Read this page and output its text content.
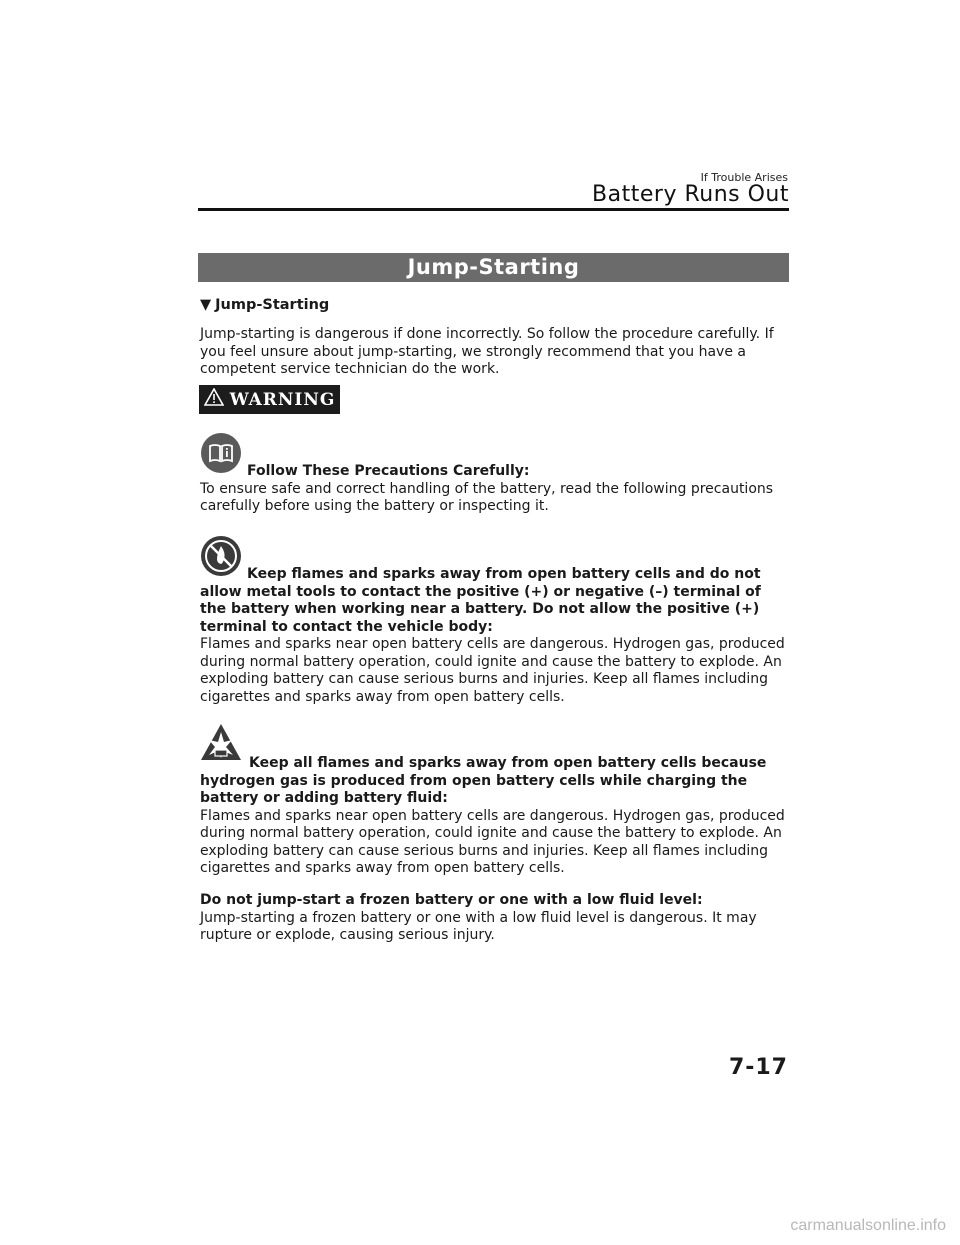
If Trouble Arises
Battery Runs Out
Jump-Starting
▼ Jump-Starting
Jump-starting is dangerous if done incorrectly. So follow the procedure carefully. If you feel unsure about jump-starting, we strongly recommend that you have a competent service technician do the work.
WARNING
Follow These Precautions Carefully:
To ensure safe and correct handling of the battery, read the following precautions carefully before using the battery or inspecting it.
Keep flames and sparks away from open battery cells and do not allow metal tools to contact the positive (+) or negative (–) terminal of the battery when working near a battery. Do not allow the positive (+) terminal to contact the vehicle body:
Flames and sparks near open battery cells are dangerous. Hydrogen gas, produced during normal battery operation, could ignite and cause the battery to explode. An exploding battery can cause serious burns and injuries. Keep all flames including cigarettes and sparks away from open battery cells.
Keep all flames and sparks away from open battery cells because hydrogen gas is produced from open battery cells while charging the battery or adding battery fluid:
Flames and sparks near open battery cells are dangerous. Hydrogen gas, produced during normal battery operation, could ignite and cause the battery to explode. An exploding battery can cause serious burns and injuries. Keep all flames including cigarettes and sparks away from open battery cells.
Do not jump-start a frozen battery or one with a low fluid level:
Jump-starting a frozen battery or one with a low fluid level is dangerous. It may rupture or explode, causing serious injury.
7-17
carmanualsonline.info
